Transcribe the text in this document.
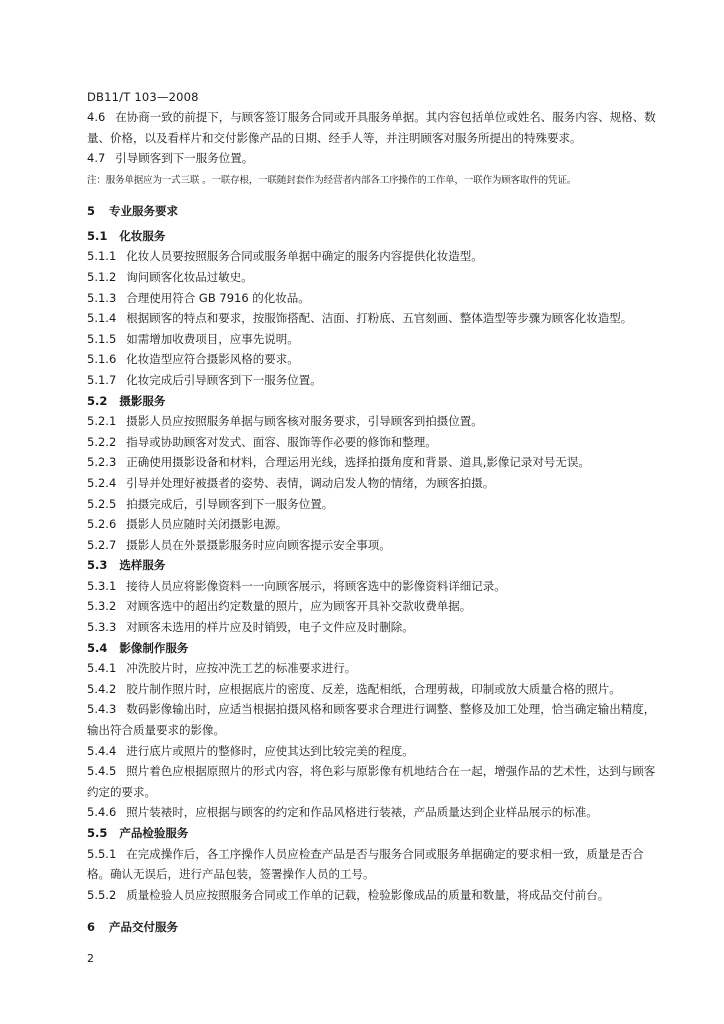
DB11/T 103—2008
4.6 在协商一致的前提下，与顾客签订服务合同或开具服务单据。其内容包括单位或姓名、服务内容、规格、数量、价格，以及看样片和交付影像产品的日期、经手人等，并注明顾客对服务所提出的特殊要求。
4.7 引导顾客到下一服务位置。
注：服务单据应为一式三联 。一联存根，一联随封套作为经营者内部各工序操作的工作单，一联作为顾客取件的凭证。
5 专业服务要求
5.1 化妆服务
5.1.1 化妆人员要按照服务合同或服务单据中确定的服务内容提供化妆造型。
5.1.2 询问顾客化妆品过敏史。
5.1.3 合理使用符合 GB 7916 的化妆品。
5.1.4 根据顾客的特点和要求，按服饰搭配、洁面、打粉底、五官刻画、整体造型等步骤为顾客化妆造型。
5.1.5 如需增加收费项目，应事先说明。
5.1.6 化妆造型应符合摄影风格的要求。
5.1.7 化妆完成后引导顾客到下一服务位置。
5.2 摄影服务
5.2.1 摄影人员应按照服务单据与顾客核对服务要求，引导顾客到拍摄位置。
5.2.2 指导或协助顾客对发式、面容、服饰等作必要的修饰和整理。
5.2.3 正确使用摄影设备和材料，合理运用光线，选择拍摄角度和背景、道具,影像记录对号无误。
5.2.4 引导并处理好被摄者的姿势、表情，调动启发人物的情绪，为顾客拍摄。
5.2.5 拍摄完成后，引导顾客到下一服务位置。
5.2.6 摄影人员应随时关闭摄影电源。
5.2.7 摄影人员在外景摄影服务时应向顾客提示安全事项。
5.3 选样服务
5.3.1 接待人员应将影像资料一一向顾客展示，将顾客选中的影像资料详细记录。
5.3.2 对顾客选中的超出约定数量的照片，应为顾客开具补交款收费单据。
5.3.3 对顾客未选用的样片应及时销毁，电子文件应及时删除。
5.4 影像制作服务
5.4.1 冲洗胶片时，应按冲洗工艺的标准要求进行。
5.4.2 胶片制作照片时，应根据底片的密度、反差，选配相纸，合理剪裁，印制或放大质量合格的照片。
5.4.3 数码影像输出时，应适当根据拍摄风格和顾客要求合理进行调整、整修及加工处理，恰当确定输出精度，输出符合质量要求的影像。
5.4.4 进行底片或照片的整修时，应使其达到比较完美的程度。
5.4.5 照片着色应根据原照片的形式内容，将色彩与原影像有机地结合在一起，增强作品的艺术性，达到与顾客约定的要求。
5.4.6 照片装裱时，应根据与顾客的约定和作品风格进行装裱，产品质量达到企业样品展示的标准。
5.5 产品检验服务
5.5.1 在完成操作后，各工序操作人员应检查产品是否与服务合同或服务单据确定的要求相一致，质量是否合格。确认无误后，进行产品包装，签署操作人员的工号。
5.5.2 质量检验人员应按照服务合同或工作单的记载，检验影像成品的质量和数量，将成品交付前台。
6 产品交付服务
2
